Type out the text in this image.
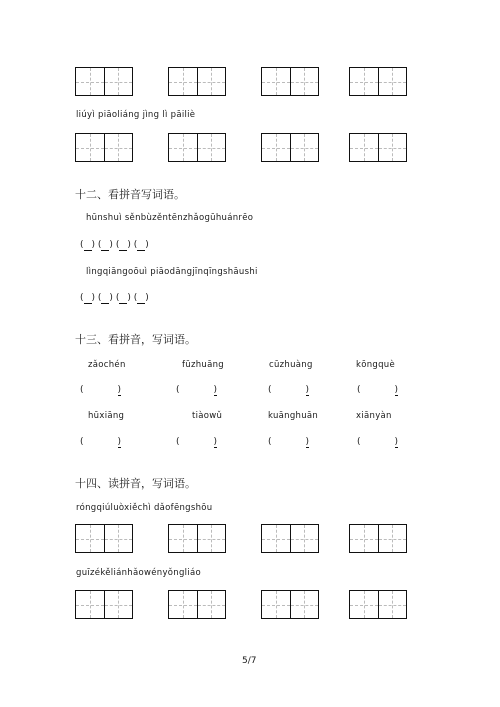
liúyì piāoliáng jìng lì pāiliè
十二、看拼音写词语。
hūnshuì sěnbùzěntēnzhǎoɡūhuánrēo
( ) ( ) ( ) ( )
lìngqiāngoōuì piāodāngjīnqīngshāushi
( ) ( ) ( ) ( )
十三、看拼音，写词语。
zǎochén	fūzhuāng	cūzhuàng	kōngquè
(	)	(	)	(	)	(	)
hūxiāng	tiàowǔ	kuānghuān	xiānyàn
(	)	(	)	(	)	(	)
十四、读拼音，写词语。
róngqiúluòxiěchì dǎofēngshōu
guīzékěliánhǎowényǒngliáo
5/7
